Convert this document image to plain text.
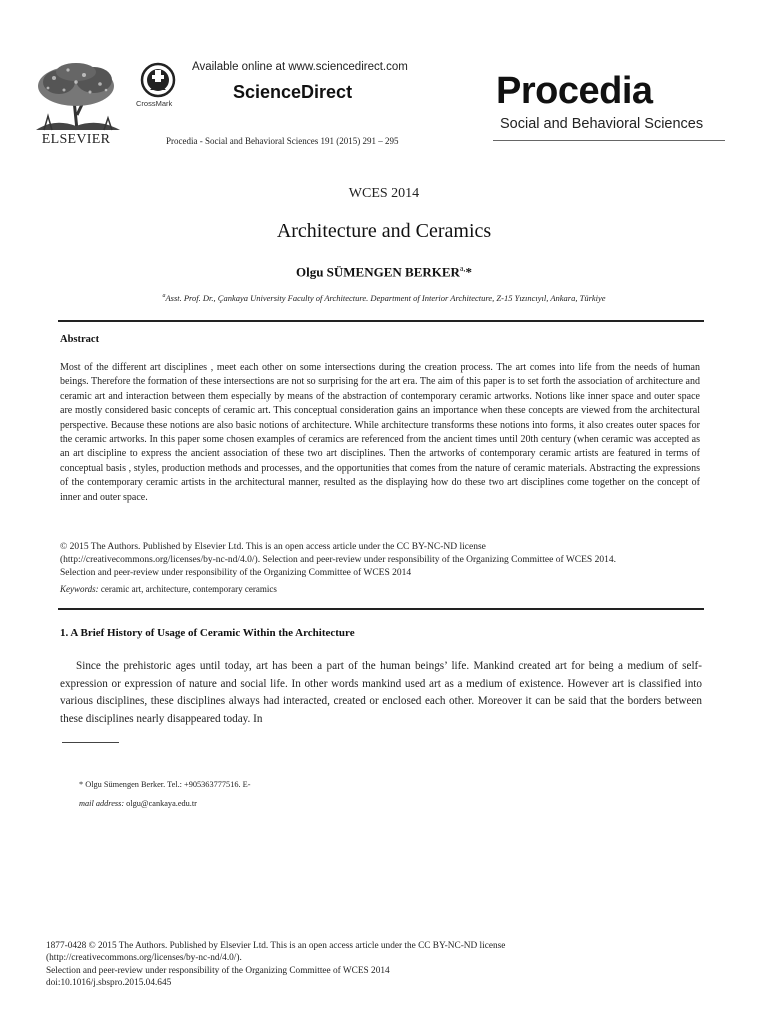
ELSEVIER
CrossMark
Available online at www.sciencedirect.com
ScienceDirect
Procedia - Social and Behavioral Sciences 191 (2015) 291 – 295
Procedia
Social and Behavioral Sciences
WCES 2014
Architecture and Ceramics
Olgu SÜMENGEN $BERKER^{a,}*$
$^a$Asst. Prof. Dr., Çankaya University Faculty of Architecture. Department of Interior Architecture, Z-15 Yızıncıyıl, Ankara, Türkiye
Abstract
Most of the different art disciplines , meet each other on some intersections during the creation process. The art comes into life from the needs of human beings. Therefore the formation of these intersections are not so surprising for the art era. The aim of this paper is to set forth the association of architecture and ceramic art and interaction between them especially by means of the abstraction of contemporary ceramic artworks. Notions like inner space and outer space are mostly considered basic concepts of ceramic art. This conceptual consideration gains an importance when these concepts are viewed from the architectural perspective. Because these notions are also basic notions of architecture. While architecture transforms these notions into forms, it also creates outer spaces for the ceramic artworks. In this paper some chosen examples of ceramics are referenced from the ancient times until 20th century (when ceramic was accepted as an art discipline to express the ancient association of these two art disciplines. Then the artworks of contemporary ceramic artists are featured in terms of conceptual basis , styles, production methods and processes, and the opportunities that comes from the nature of ceramic materials. Abstracting the expressions of the contemporary ceramic artists in the architectural manner, resulted as the displaying how do these two art disciplines come together on the concept of inner and outer space.
© 2015 The Authors. Published by Elsevier Ltd. This is an open access article under the CC BY-NC-ND license
(http://creativecommons.org/licenses/by-nc-nd/4.0/). Selection and peer-review under responsibility of the Organizing Committee of WCES 2014.
Selection and peer-review under responsibility of the Organizing Committee of WCES 2014
Keywords: ceramic art, architecture, contemporary ceramics
1. A Brief History of Usage of Ceramic Within the Architecture
Since the prehistoric ages until today, art has been a part of the human beings’ life. Mankind created art for being a medium of self-expression or expression of nature and social life. In other words mankind used art as a medium of existence. However art is classified into various disciplines, these disciplines always had interacted, created or enclosed each other. Moreover it can be said that the borders between these disciplines nearly disappeared today. In
* Olgu Sümengen Berker. Tel.: +905363777516. E-
mail address: olgu@cankaya.edu.tr
1877-0428 © 2015 The Authors. Published by Elsevier Ltd. This is an open access article under the CC BY-NC-ND license
(http://creativecommons.org/licenses/by-nc-nd/4.0/).
Selection and peer-review under responsibility of the Organizing Committee of WCES 2014
doi:10.1016/j.sbspro.2015.04.645
